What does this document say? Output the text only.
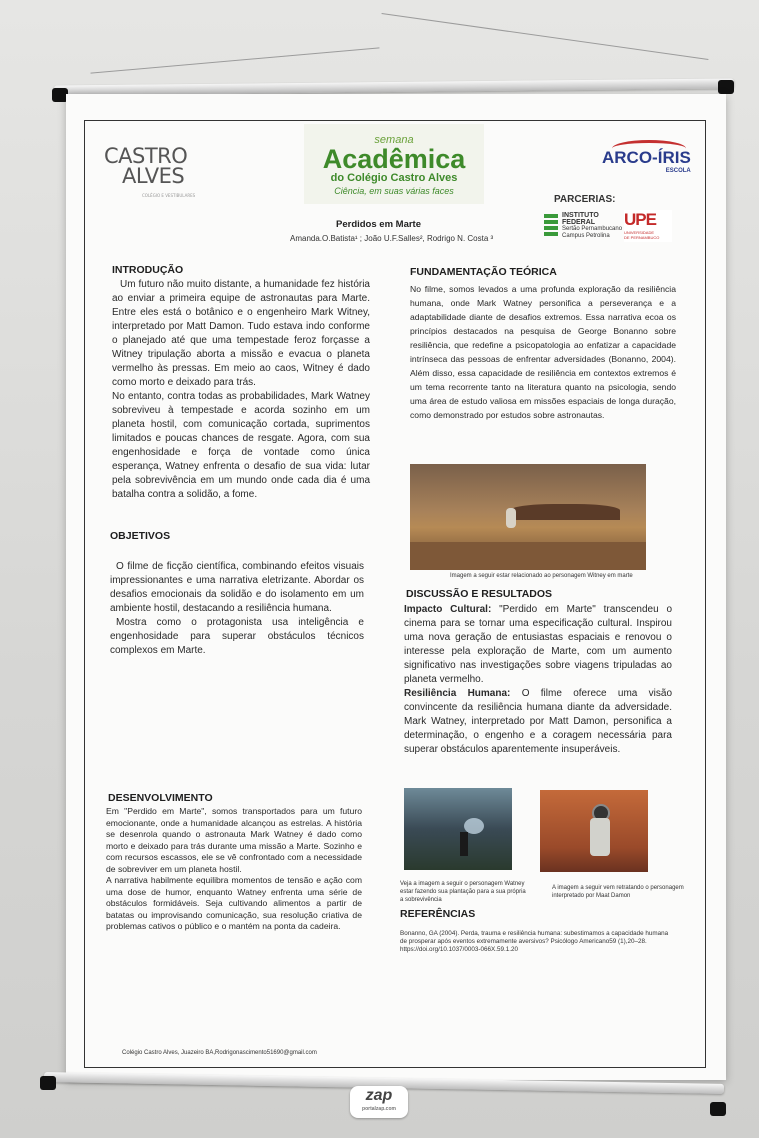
CASTRO
ALVES
COLÉGIO E VESTIBULARES
semana
Acadêmica
do Colégio Castro Alves
Ciência, em suas várias faces
ARCO-ÍRIS
ESCOLA
PARCERIAS:
INSTITUTO FEDERAL
Sertão Pernambucano
Campus Petrolina
UPE
UNIVERSIDADE
DE PERNAMBUCO
Perdidos em Marte
Amanda.O.Batista¹ ; João U.F.Salles², Rodrigo N. Costa ³
INTRODUÇÃO

Um futuro não muito distante, a humanidade fez história ao enviar a primeira equipe de astronautas para Marte. Entre eles está o botânico e o engenheiro Mark Witney, interpretado por Matt Damon. Tudo estava indo conforme o planejado até que uma tempestade feroz forçasse a Witney tripulação aborta a missão e evacua o planeta vermelho às pressas. Em meio ao caos, Witney é dado como morto e deixado para trás.

No entanto, contra todas as probabilidades, Mark Watney sobreviveu à tempestade e acorda sozinho em um planeta hostil, com comunicação cortada, suprimentos limitados e poucas chances de resgate. Agora, com sua engenhosidade e força de vontade como única esperança, Watney enfrenta o desafio de sua vida: lutar pela sobrevivência em um mundo onde cada dia é uma batalha contra a solidão, a fome.

OBJETIVOS

O filme de ficção científica, combinando efeitos visuais impressionantes e uma narrativa eletrizante. Abordar os desafios emocionais da solidão e do isolamento em um ambiente hostil, destacando a resiliência humana.

Mostra como o protagonista usa inteligência e engenhosidade para superar obstáculos técnicos complexos em Marte.

DESENVOLVIMENTO

Em "Perdido em Marte", somos transportados para um futuro emocionante, onde a humanidade alcançou as estrelas. A história se desenrola quando o astronauta Mark Watney é dado como morto e deixado para trás durante uma missão a Marte. Sozinho e com recursos escassos, ele se vê confrontado com a necessidade de sobreviver em um planeta hostil.

A narrativa habilmente equilibra momentos de tensão e ação com uma dose de humor, enquanto Watney enfrenta uma série de obstáculos formidáveis. Seja cultivando alimentos a partir de batatas ou improvisando comunicação, sua resolução criativa de problemas cativos o público e o mantém na ponta da cadeira.

FUNDAMENTAÇÃO TEÓRICA

No filme, somos levados a uma profunda exploração da resiliência humana, onde Mark Watney personifica a perseverança e a adaptabilidade diante de desafios extremos. Essa narrativa ecoa os princípios destacados na pesquisa de George Bonanno sobre resiliência, que redefine a psicopatologia ao enfatizar a capacidade intrínseca das pessoas de enfrentar adversidades (Bonanno, 2004). Além disso, essa capacidade de resiliência em contextos extremos é um tema recorrente tanto na literatura quanto na psicologia, sendo uma área de estudo valiosa em missões espaciais de longa duração, como demonstrado por estudos sobre astronautas.

Imagem a seguir estar relacionado ao personagem Witney em marte
DISCUSSÃO E RESULTADOS

Impacto Cultural: "Perdido em Marte" transcendeu o cinema para se tornar uma especificação cultural. Inspirou uma nova geração de entusiastas espaciais e renovou o interesse pela exploração de Marte, com um aumento significativo nas investigações sobre viagens tripuladas ao planeta vermelho.

Resiliência Humana: O filme oferece uma visão convincente da resiliência humana diante da adversidade. Mark Watney, interpretado por Matt Damon, personifica a determinação, o engenho e a coragem necessária para superar obstáculos aparentemente insuperáveis.

Veja a imagem a seguir o personagem Watney estar fazendo sua plantação para a sua própria a sobrevivência
A imagem a seguir vem retratando o personagem interpretado por Maat Damon
REFERÊNCIAS
Bonanno, GA (2004). Perda, trauma e resiliência humana: subestimamos a capacidade humana de prosperar após eventos extremamente aversivos? Psicólogo Americano59 (1),20–28. https://doi.org/10.1037/0003-066X.59.1.20
Colégio Castro Alves, Juazeiro BA,Rodrigonascimento51690@gmail.com
zap
portalzap.com
